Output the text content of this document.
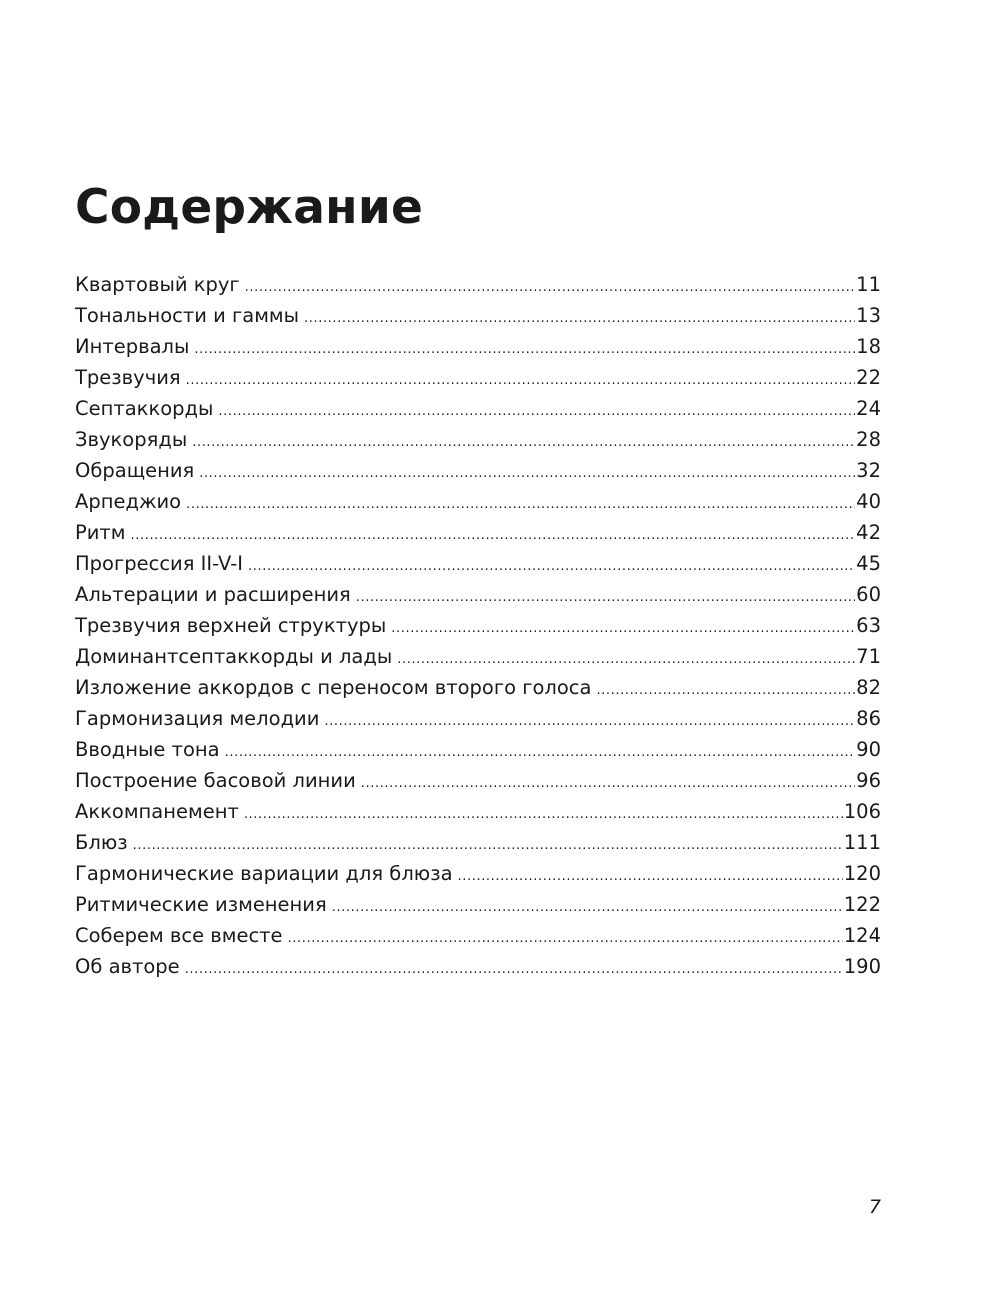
Содержание
Квартовый круг .....	11
Тональности и гаммы .....	13
Интервалы .....	18
Трезвучия .....	22
Септаккорды .....	24
Звукоряды .....	28
Обращения .....	32
Арпеджио .....	40
Ритм .....	42
Прогрессия II-V-I .....	45
Альтерации и расширения .....	60
Трезвучия верхней структуры .....	63
Доминантсептаккорды и лады .....	71
Изложение аккордов с переносом второго голоса .....	82
Гармонизация мелодии .....	86
Вводные тона .....	90
Построение басовой линии .....	96
Аккомпанемент .....	106
Блюз .....	111
Гармонические вариации для блюза .....	120
Ритмические изменения .....	122
Соберем все вместе .....	124
Об авторе .....	190
7
